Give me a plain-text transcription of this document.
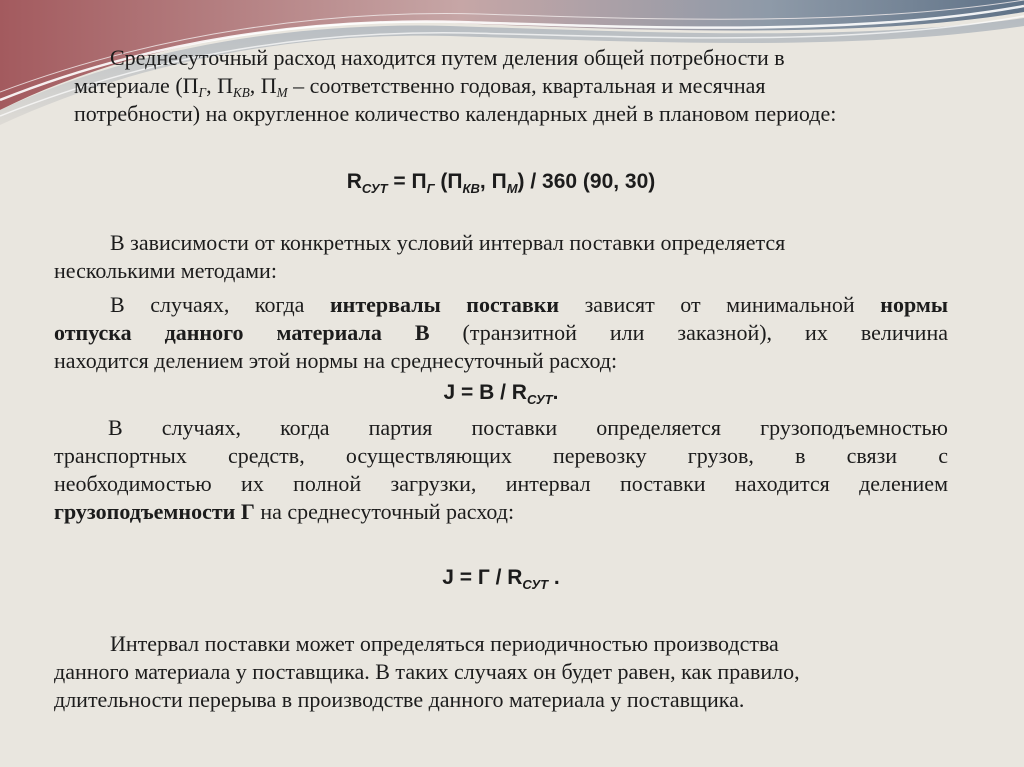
Среднесуточный расход находится путем деления общей потребности в
материале ($П_Г$, $П_{КВ}$, $П_М$ – соответственно годовая, квартальная и месячная
потребности) на округленное количество календарных дней в плановом периоде:

$R_{СУТ} = П_Г$ ($П_{КВ}$, $П_М) / 360$ (90, 30)

В зависимости от конкретных условий интервал поставки определяется
несколькими методами:

В случаях, когда интервалы поставки зависят от минимальной нормы
отпуска данного материала В (транзитной или заказной), их величина
находится делением этой нормы на среднесуточный расход:
$J = B / R_{СУТ}$.
В случаях, когда партия поставки определяется грузоподъемностью
транспортных средств, осуществляющих перевозку грузов, в связи с
необходимостью их полной загрузки, интервал поставки находится делением
грузоподъемности Г на среднесуточный расход:
$J = Г / R_{СУТ}$ .

Интервал поставки может определяться периодичностью производства
данного материала у поставщика. В таких случаях он будет равен, как правило,
длительности перерыва в производстве данного материала у поставщика.
